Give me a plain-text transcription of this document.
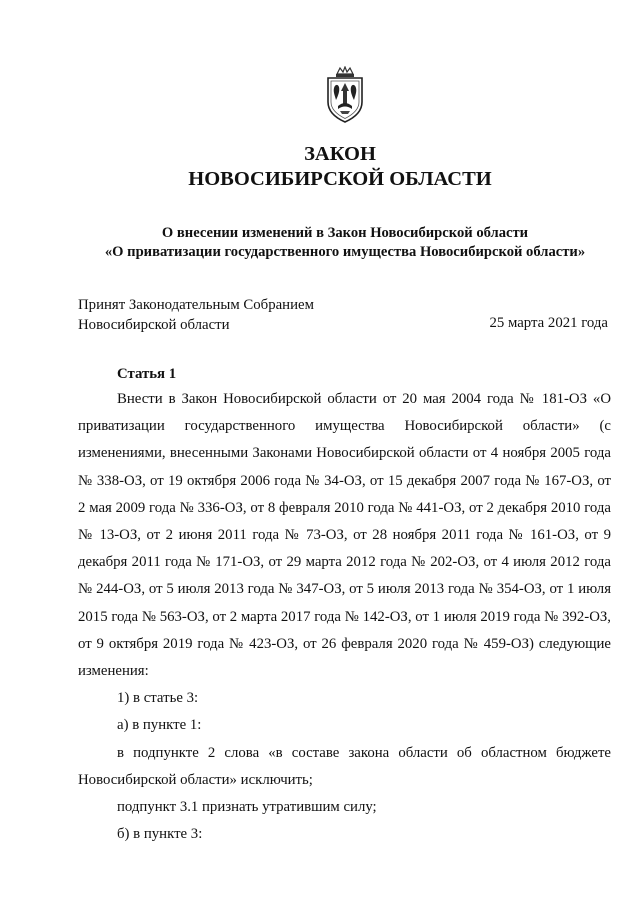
ЗАКОН
НОВОСИБИРСКОЙ ОБЛАСТИ

О внесении изменений в Закон Новосибирской области

«О приватизации государственного имущества Новосибирской области»

Принят Законодательным Собранием
Новосибирской области	25 марта 2021 года
Статья 1

Внести в Закон Новосибирской области от 20 мая 2004 года № 181-ОЗ «О приватизации государственного имущества Новосибирской области» (с изменениями, внесенными Законами Новосибирской области от 4 ноября 2005 года № 338-ОЗ, от 19 октября 2006 года № 34-ОЗ, от 15 декабря 2007 года № 167-ОЗ, от 2 мая 2009 года № 336-ОЗ, от 8 февраля 2010 года № 441-ОЗ, от 2 декабря 2010 года № 13-ОЗ, от 2 июня 2011 года № 73-ОЗ, от 28 ноября 2011 года № 161-ОЗ, от 9 декабря 2011 года № 171-ОЗ, от 29 марта 2012 года № 202-ОЗ, от 4 июля 2012 года № 244-ОЗ, от 5 июля 2013 года № 347-ОЗ, от 5 июля 2013 года № 354-ОЗ, от 1 июля 2015 года № 563-ОЗ, от 2 марта 2017 года № 142-ОЗ, от 1 июля 2019 года № 392-ОЗ, от 9 октября 2019 года № 423-ОЗ, от 26 февраля 2020 года № 459-ОЗ) следующие изменения:

1) в статье 3:

а) в пункте 1:

в подпункте 2 слова «в составе закона области об областном бюджете Новосибирской области» исключить;

подпункт 3.1 признать утратившим силу;

б) в пункте 3:
